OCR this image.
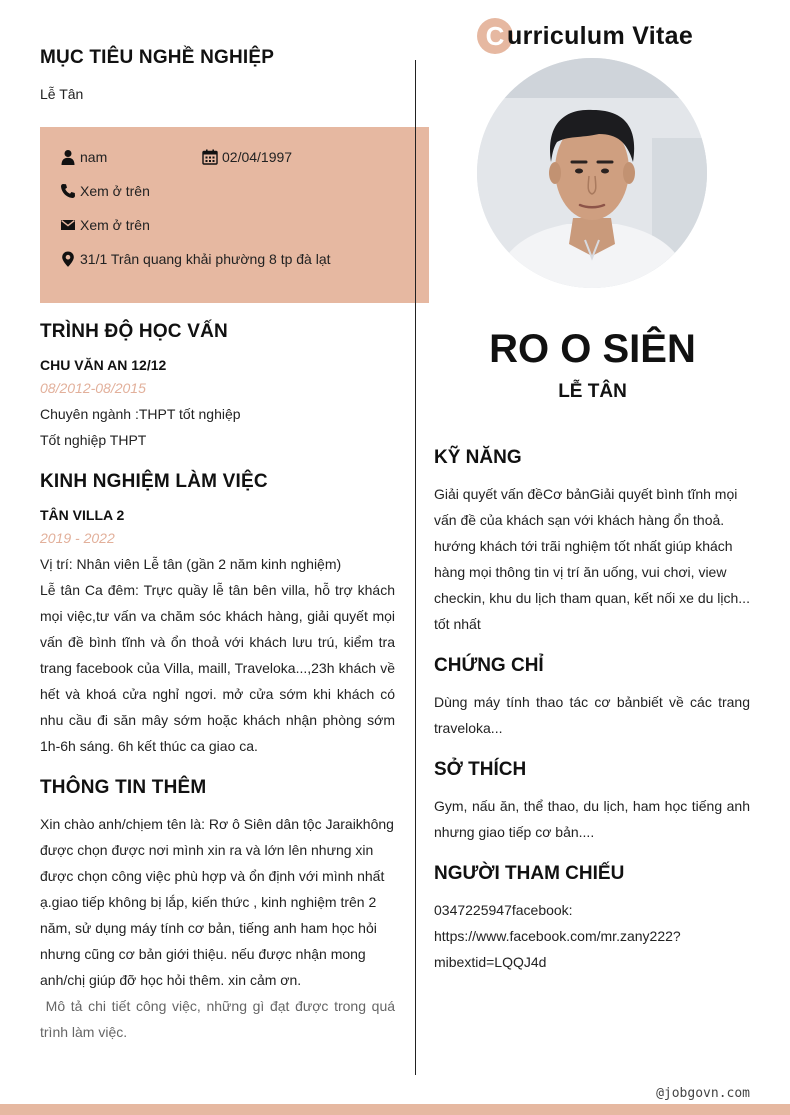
MỤC TIÊU NGHỀ NGHIỆP
Lễ Tân
nam	02/04/1997
Xem ở trên
Xem ở trên
31/1 Trân quang khải phường 8 tp đà lạt
TRÌNH ĐỘ HỌC VẤN
CHU VĂN AN 12/12
08/2012-08/2015
Chuyên ngành :THPT tốt nghiệp
Tốt nghiệp THPT
KINH NGHIỆM LÀM VIỆC
TÂN VILLA 2
2019 - 2022
Vị trí: Nhân viên Lễ tân (gần 2 năm kinh nghiệm)
Lễ tân Ca đêm: Trực quầy lễ tân bên villa, hỗ trợ khách mọi việc,tư vấn va chăm sóc khách hàng, giải quyết mọi vấn đề bình tĩnh và ổn thoả với khách lưu trú, kiểm tra trang facebook của Villa, maill, Traveloka...,23h khách về hết và khoá cửa nghỉ ngơi. mở cửa sớm khi khách có nhu cầu đi săn mây sớm hoặc khách nhận phòng sớm 1h-6h sáng. 6h kết thúc ca giao ca.
THÔNG TIN THÊM
Xin chào anh/chịem tên là: Rơ ô Siên dân tộc Jaraikhông
được chọn được nơi mình xin ra và lớn lên nhưng xin
được chọn công việc phù hợp và ổn định với mình nhất
ạ.giao tiếp không bị lắp, kiến thức , kinh nghiệm trên 2
năm, sử dụng máy tính cơ bản, tiếng anh ham học hỏi
nhưng cũng cơ bản giới thiệu. nếu được nhận mong
anh/chị giúp đỡ học hỏi thêm. xin cảm ơn.
Mô tả chi tiết công việc, những gì đạt được trong quá trình làm việc.
C urriculum Vitae
RO O SIÊN
LỄ TÂN
KỸ NĂNG
Giải quyết vấn đềCơ bảnGiải quyết bình tĩnh mọi
vấn đề của khách sạn với khách hàng ổn thoả.
hướng khách tới trãi nghiệm tốt nhất giúp khách
hàng mọi thông tin vị trí ăn uống, vui chơi, view
checkin, khu du lịch tham quan, kết nối xe du lịch...
tốt nhất
CHỨNG CHỈ
Dùng máy tính thao tác cơ bảnbiết về các trang traveloka...
SỞ THÍCH
Gym, nấu ăn, thể thao, du lịch, ham học tiếng anh nhưng giao tiếp cơ bản....
NGƯỜI THAM CHIẾU
0347225947facebook:
https://www.facebook.com/mr.zany222?
mibextid=LQQJ4d
@jobgovn.com
